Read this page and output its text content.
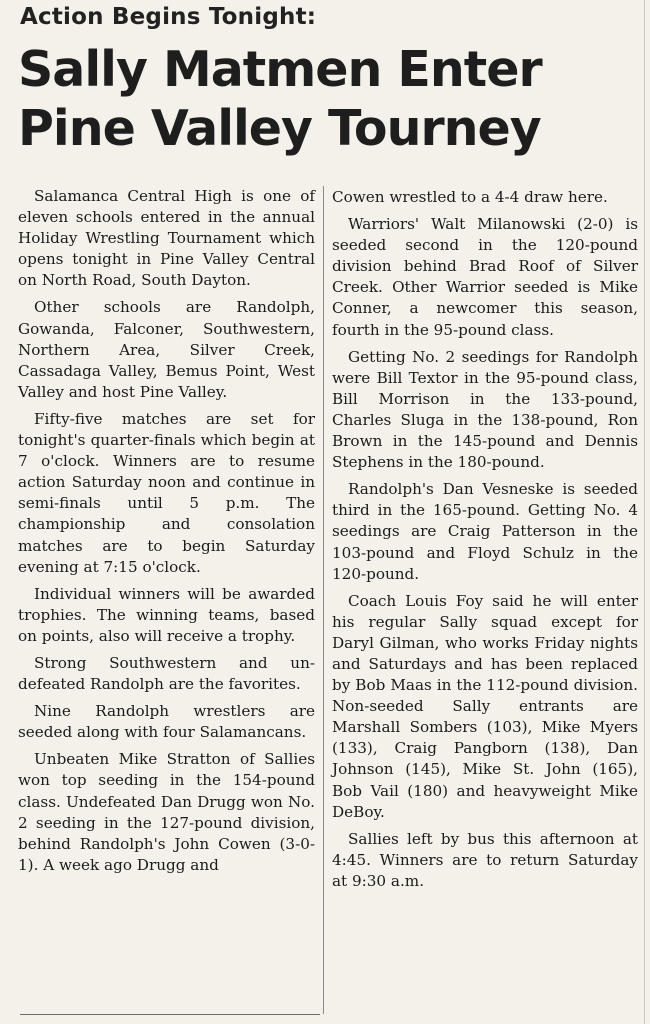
Action Begins Tonight:
Sally Matmen Enter
Pine Valley Tourney

Salamanca Central High is one of eleven schools entered in the annual Holiday Wrestling Tournament which opens tonight in Pine Valley Central on North Road, South Dayton.

Other schools are Randolph, Gowanda, Falconer, Southwestern, Northern Area, Silver Creek, Cassadaga Valley, Bemus Point, West Valley and host Pine Valley.

Fifty-five matches are set for tonight's quarter-finals which begin at 7 o'clock. Winners are to resume action Saturday noon and continue in semi-finals until 5 p.m. The championship and consolation matches are to begin Saturday evening at 7:15 o'clock.

Individual winners will be awarded trophies. The winning teams, based on points, also will receive a trophy.

Strong Southwestern and undefeated Randolph are the favorites.

Nine Randolph wrestlers are seeded along with four Salamancans.

Unbeaten Mike Stratton of Sallies won top seeding in the 154-pound class. Undefeated Dan Drugg won No. 2 seeding in the 127-pound division, behind Randolph's John Cowen (3-0-1). A week ago Drugg and

Cowen wrestled to a 4-4 draw here.

Warriors' Walt Milanowski (2-0) is seeded second in the 120-pound division behind Brad Roof of Silver Creek. Other Warrior seeded is Mike Conner, a newcomer this season, fourth in the 95-pound class.

Getting No. 2 seedings for Randolph were Bill Textor in the 95-pound class, Bill Morrison in the 133-pound, Charles Sluga in the 138-pound, Ron Brown in the 145-pound and Dennis Stephens in the 180-pound.

Randolph's Dan Vesneske is seeded third in the 165-pound. Getting No. 4 seedings are Craig Patterson in the 103-pound and Floyd Schulz in the 120-pound.

Coach Louis Foy said he will enter his regular Sally squad except for Daryl Gilman, who works Friday nights and Saturdays and has been replaced by Bob Maas in the 112-pound division. Non-seeded Sally entrants are Marshall Sombers (103), Mike Myers (133), Craig Pangborn (138), Dan Johnson (145), Mike St. John (165), Bob Vail (180) and heavyweight Mike DeBoy.

Sallies left by bus this afternoon at 4:45. Winners are to return Saturday at 9:30 a.m.
